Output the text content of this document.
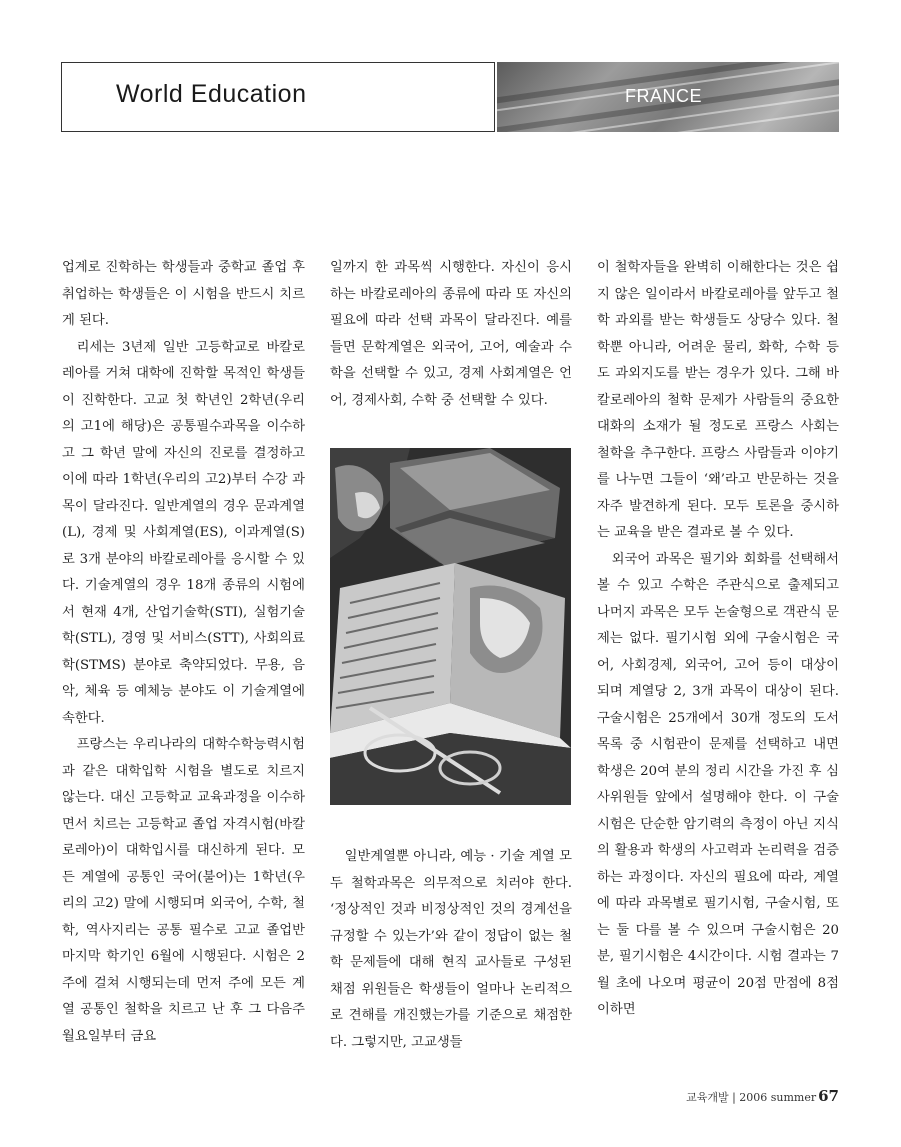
World Education	FRANCE

업계로 진학하는 학생들과 중학교 졸업 후 취업하는 학생들은 이 시험을 반드시 치르게 된다.

리세는 3년제 일반 고등학교로 바칼로레아를 거쳐 대학에 진학할 목적인 학생들이 진학한다. 고교 첫 학년인 2학년(우리의 고1에 해당)은 공통필수과목을 이수하고 그 학년 말에 자신의 진로를 결정하고 이에 따라 1학년(우리의 고2)부터 수강 과목이 달라진다. 일반계열의 경우 문과계열(L), 경제 및 사회계열(ES), 이과계열(S)로 3개 분야의 바칼로레아를 응시할 수 있다. 기술계열의 경우 18개 종류의 시험에서 현재 4개, 산업기술학(STI), 실험기술학(STL), 경영 및 서비스(STT), 사회의료학(STMS) 분야로 축약되었다. 무용, 음악, 체육 등 예체능 분야도 이 기술계열에 속한다.

프랑스는 우리나라의 대학수학능력시험과 같은 대학입학 시험을 별도로 치르지 않는다. 대신 고등학교 교육과정을 이수하면서 치르는 고등학교 졸업 자격시험(바칼로레아)이 대학입시를 대신하게 된다. 모든 계열에 공통인 국어(불어)는 1학년(우리의 고2) 말에 시행되며 외국어, 수학, 철학, 역사지리는 공통 필수로 고교 졸업반 마지막 학기인 6월에 시행된다. 시험은 2주에 걸쳐 시행되는데 먼저 주에 모든 계열 공통인 철학을 치르고 난 후 그 다음주 월요일부터 금요

일까지 한 과목씩 시행한다. 자신이 응시하는 바칼로레아의 종류에 따라 또 자신의 필요에 따라 선택 과목이 달라진다. 예를 들면 문학계열은 외국어, 고어, 예술과 수학을 선택할 수 있고, 경제 사회계열은 언어, 경제사회, 수학 중 선택할 수 있다.

일반계열뿐 아니라, 예능 · 기술 계열 모두 철학과목은 의무적으로 치러야 한다. ‘정상적인 것과 비정상적인 것의 경계선을 규정할 수 있는가’와 같이 정답이 없는 철학 문제들에 대해 현직 교사들로 구성된 채점 위원들은 학생들이 얼마나 논리적으로 견해를 개진했는가를 기준으로 채점한다. 그렇지만, 고교생들

이 철학자들을 완벽히 이해한다는 것은 쉽지 않은 일이라서 바칼로레아를 앞두고 철학 과외를 받는 학생들도 상당수 있다. 철학뿐 아니라, 어려운 물리, 화학, 수학 등도 과외지도를 받는 경우가 있다. 그해 바칼로레아의 철학 문제가 사람들의 중요한 대화의 소재가 될 정도로 프랑스 사회는 철학을 추구한다. 프랑스 사람들과 이야기를 나누면 그들이 ‘왜’라고 반문하는 것을 자주 발견하게 된다. 모두 토론을 중시하는 교육을 받은 결과로 볼 수 있다.

외국어 과목은 필기와 회화를 선택해서 볼 수 있고 수학은 주관식으로 출제되고 나머지 과목은 모두 논술형으로 객관식 문제는 없다. 필기시험 외에 구술시험은 국어, 사회경제, 외국어, 고어 등이 대상이 되며 계열당 2, 3개 과목이 대상이 된다. 구술시험은 25개에서 30개 정도의 도서 목록 중 시험관이 문제를 선택하고 내면 학생은 20여 분의 정리 시간을 가진 후 심사위원들 앞에서 설명해야 한다. 이 구술시험은 단순한 암기력의 측정이 아닌 지식의 활용과 학생의 사고력과 논리력을 검증하는 과정이다. 자신의 필요에 따라, 계열에 따라 과목별로 필기시험, 구술시험, 또는 둘 다를 볼 수 있으며 구술시험은 20분, 필기시험은 4시간이다. 시험 결과는 7월 초에 나오며 평균이 20점 만점에 8점 이하면

교육개발 | 2006 summer 67
